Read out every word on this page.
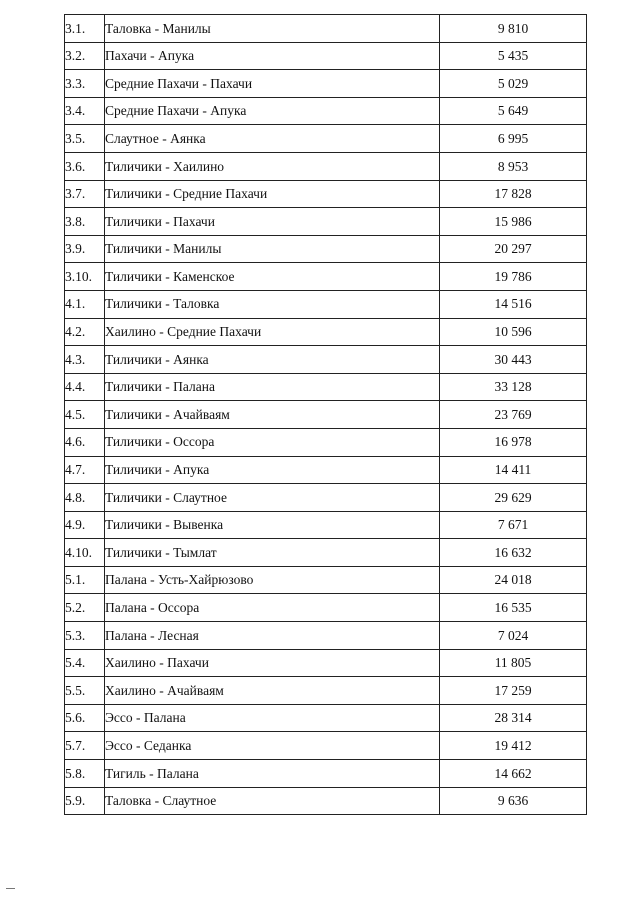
3.1.	Таловка - Манилы	9 810
3.2.	Пахачи - Апука	5 435
3.3.	Средние Пахачи - Пахачи	5 029
3.4.	Средние Пахачи - Апука	5 649
3.5.	Слаутное - Аянка	6 995
3.6.	Тиличики - Хаилино	8 953
3.7.	Тиличики - Средние Пахачи	17 828
3.8.	Тиличики - Пахачи	15 986
3.9.	Тиличики - Манилы	20 297
3.10.	Тиличики - Каменское	19 786
4.1.	Тиличики - Таловка	14 516
4.2.	Хаилино - Средние Пахачи	10 596
4.3.	Тиличики - Аянка	30 443
4.4.	Тиличики - Палана	33 128
4.5.	Тиличики - Ачайваям	23 769
4.6.	Тиличики - Оссора	16 978
4.7.	Тиличики - Апука	14 411
4.8.	Тиличики - Слаутное	29 629
4.9.	Тиличики - Вывенка	7 671
4.10.	Тиличики - Тымлат	16 632
5.1.	Палана - Усть-Хайрюзово	24 018
5.2.	Палана - Оссора	16 535
5.3.	Палана - Лесная	7 024
5.4.	Хаилино - Пахачи	11 805
5.5.	Хаилино - Ачайваям	17 259
5.6.	Эссо - Палана	28 314
5.7.	Эссо - Седанка	19 412
5.8.	Тигиль - Палана	14 662
5.9.	Таловка - Слаутное	9 636
